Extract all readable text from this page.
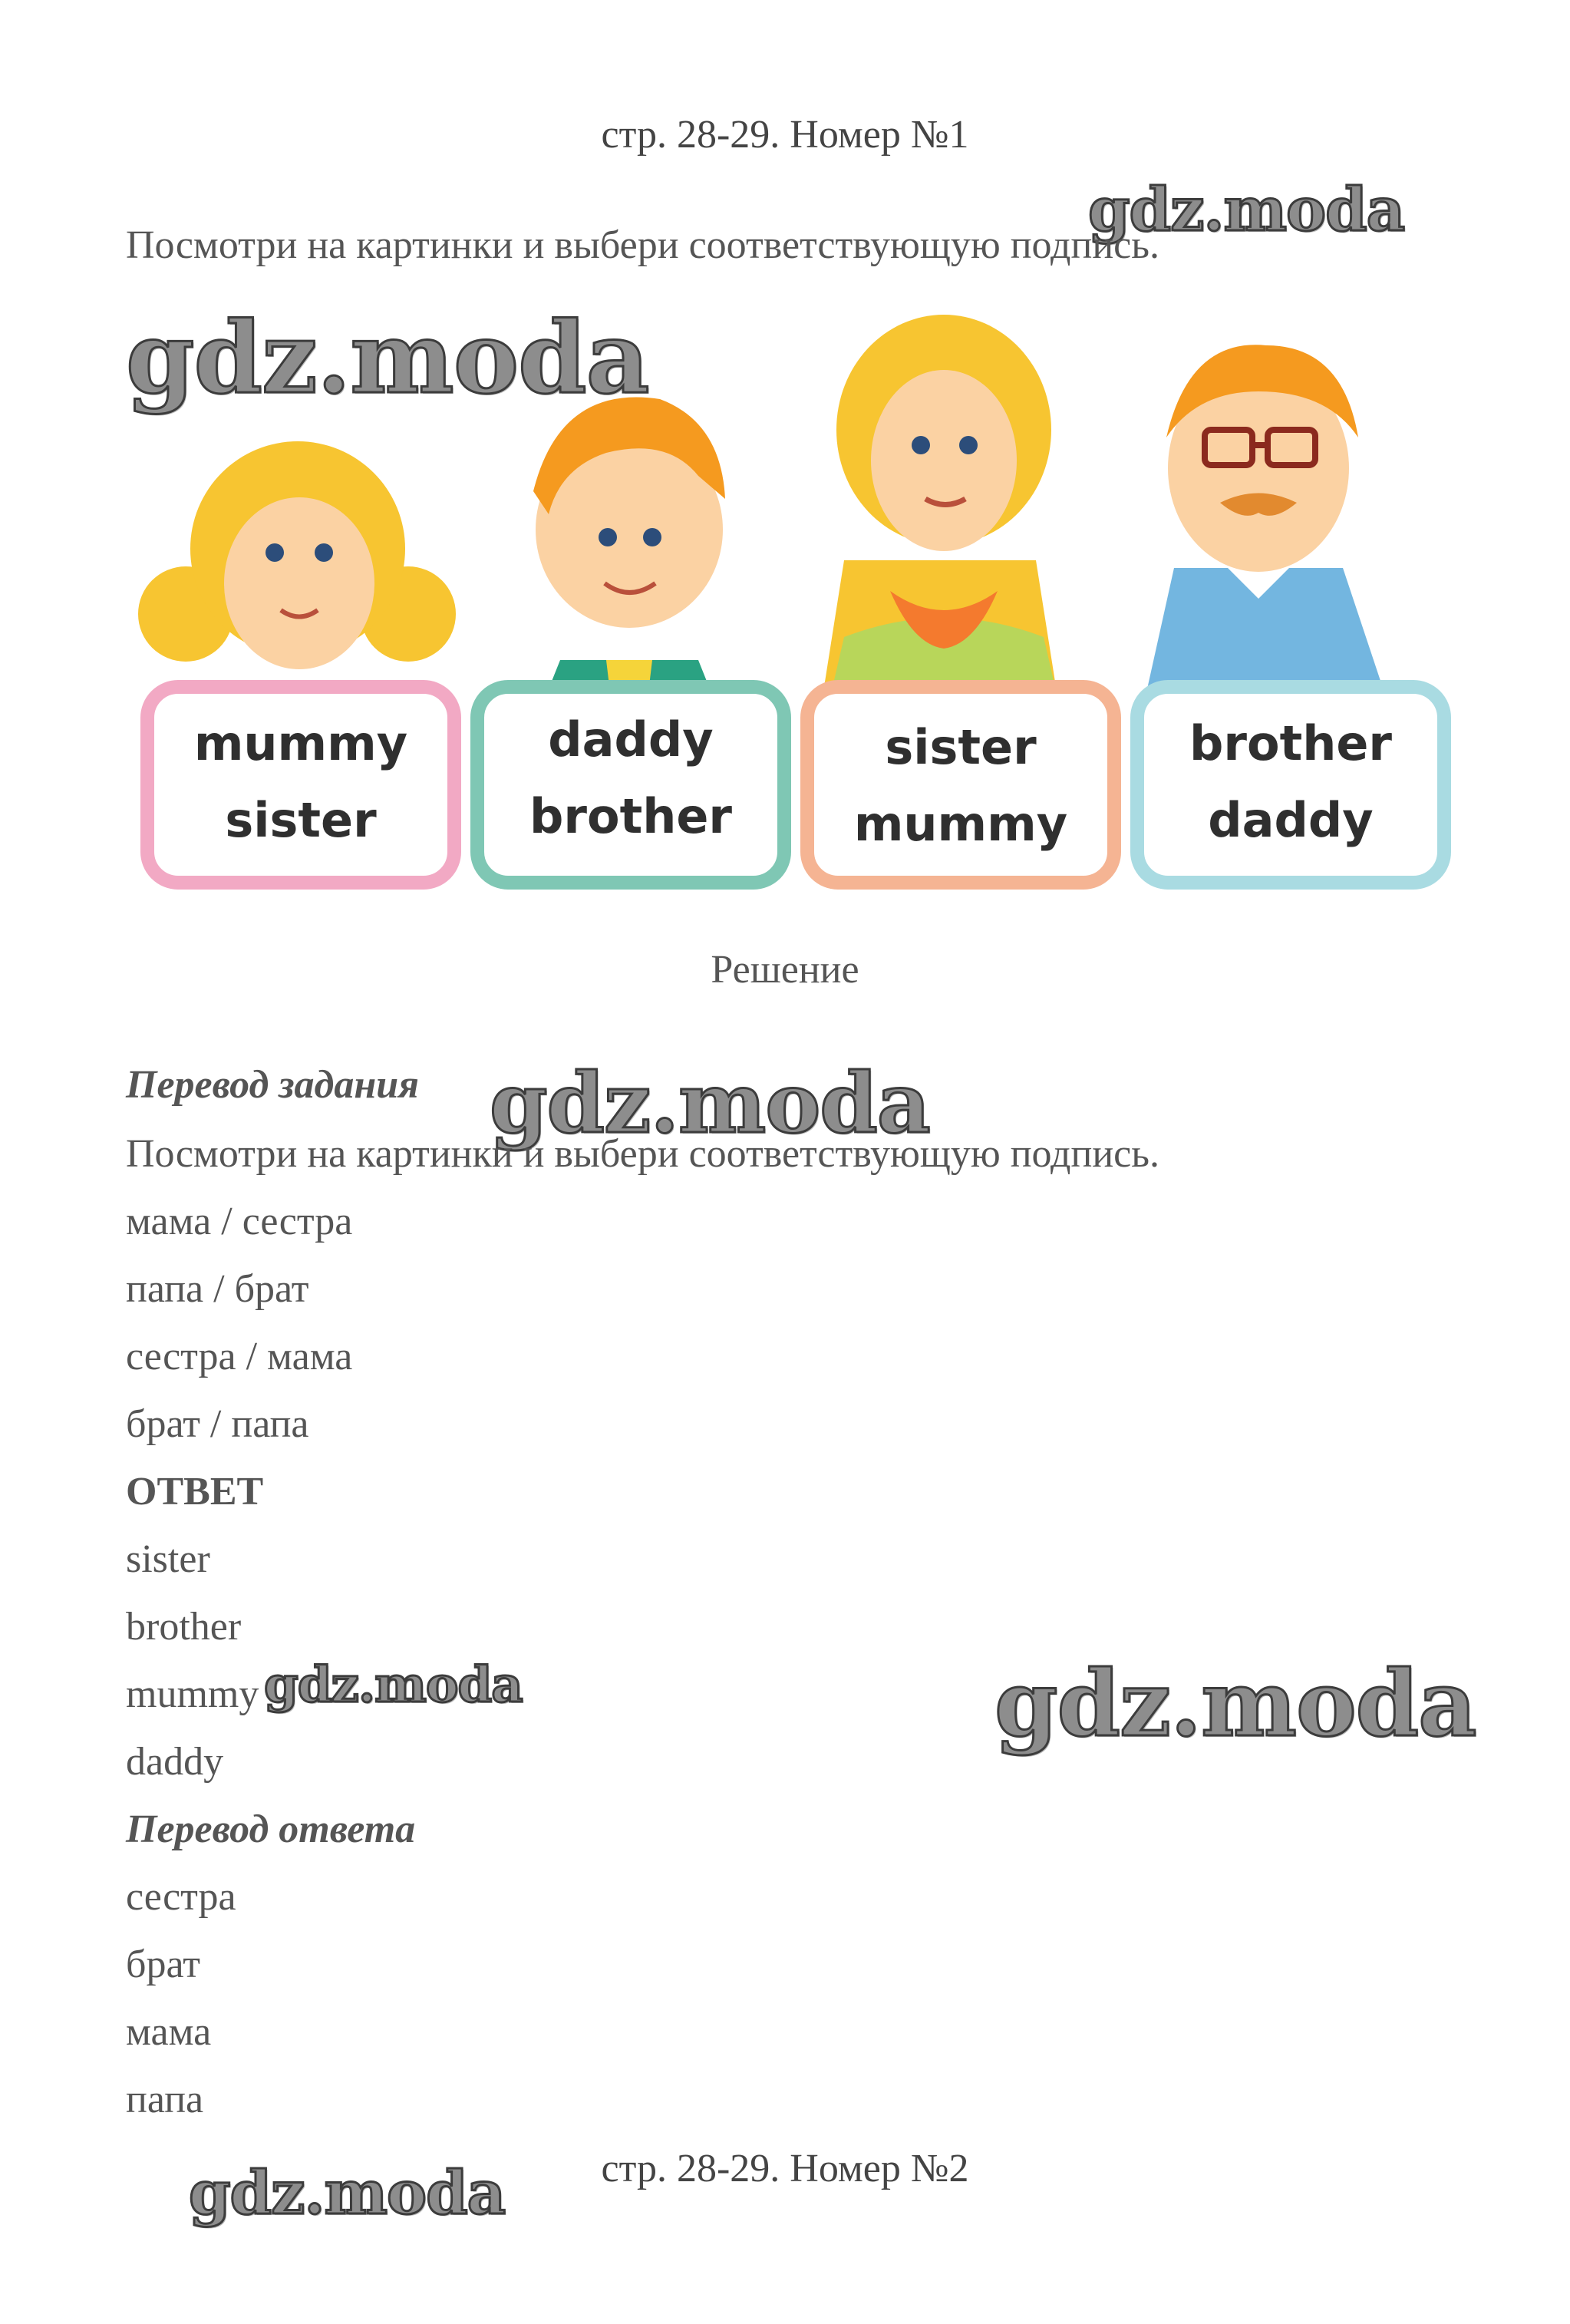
стр. 28-29. Номер №1
gdz.moda
gdz.moda
gdz.moda
gdz.moda	gdz.moda
gdz.moda
Посмотри на картинки и выбери соответствующую подпись.
mummy
sister
daddy
brother
sister
mummy
brother
daddy
Решение
Перевод задания
Посмотри на картинки и выбери соответствующую подпись.
мама / сестра
папа / брат
сестра / мама
брат / папа
ОТВЕТ
sister
brother
mummy
daddy
Перевод ответа
сестра
брат
мама
папа
стр. 28-29. Номер №2
